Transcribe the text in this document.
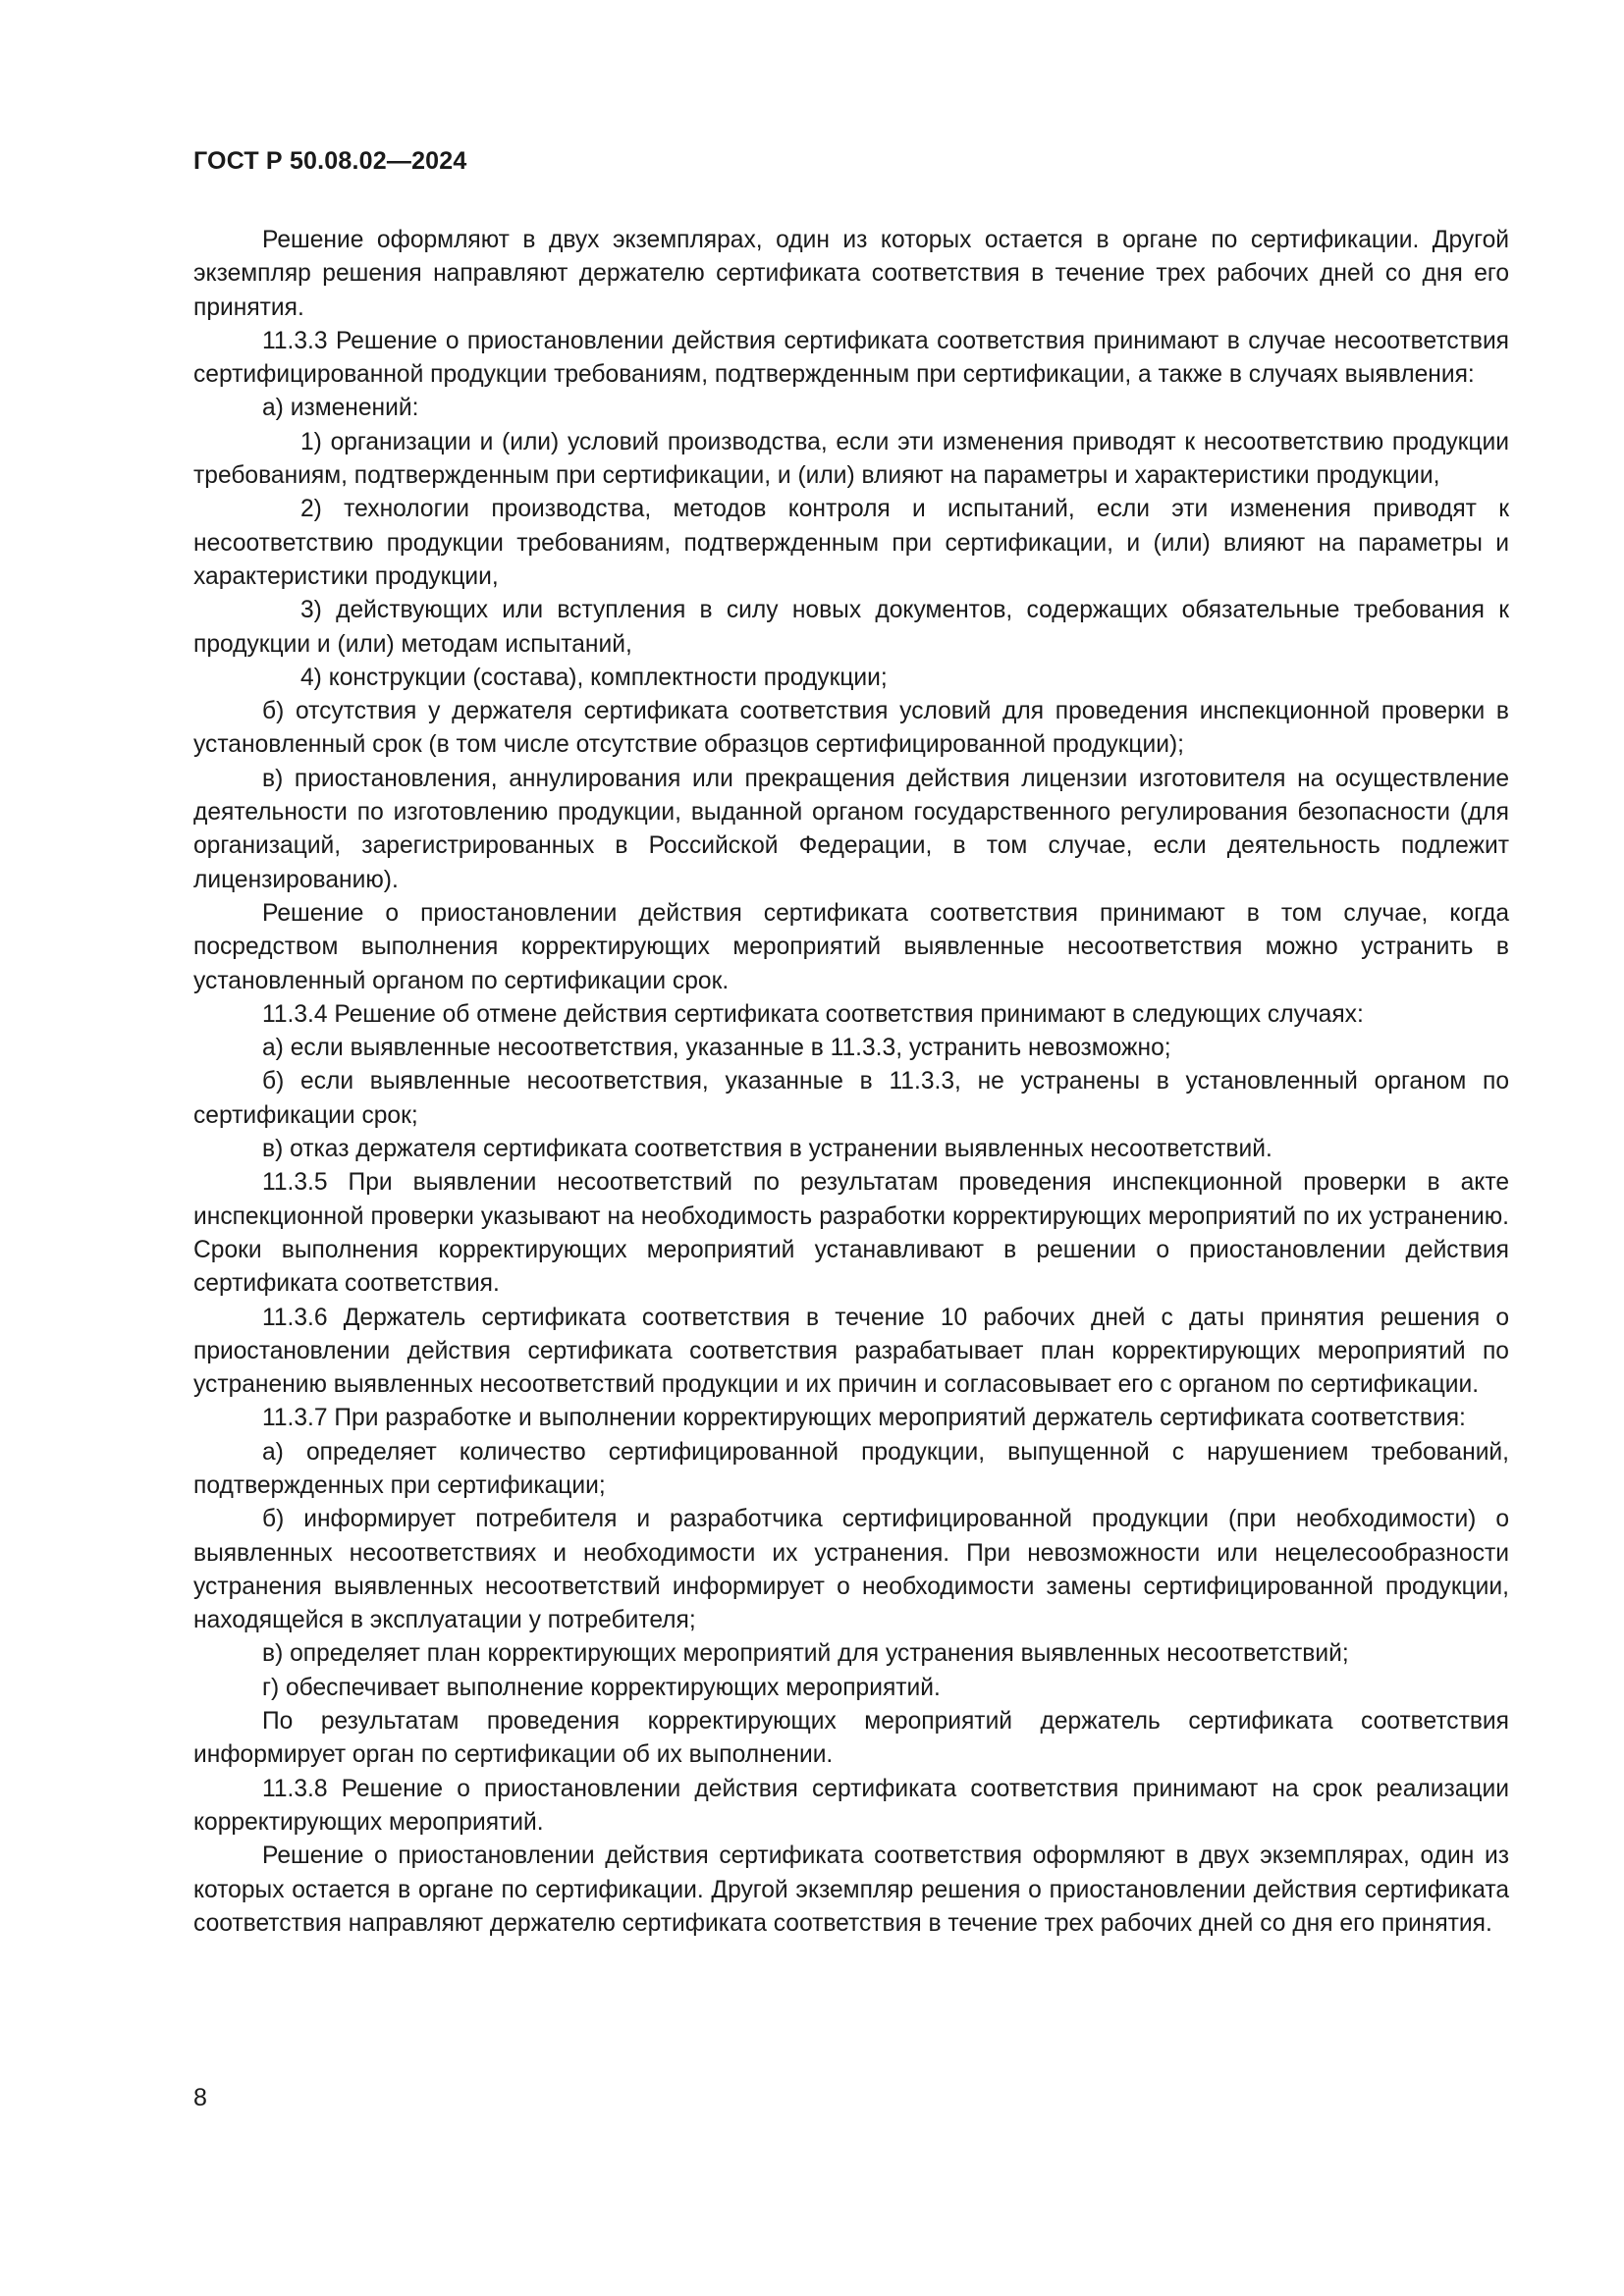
ГОСТ Р 50.08.02—2024

Решение оформляют в двух экземплярах, один из которых остается в органе по сертификации. Другой экземпляр решения направляют держателю сертификата соответствия в течение трех рабочих дней со дня его принятия.

11.3.3 Решение о приостановлении действия сертификата соответствия принимают в случае несоответствия сертифицированной продукции требованиям, подтвержденным при сертификации, а также в случаях выявления:

а) изменений:

1) организации и (или) условий производства, если эти изменения приводят к несоответствию продукции требованиям, подтвержденным при сертификации, и (или) влияют на параметры и характеристики продукции,

2) технологии производства, методов контроля и испытаний, если эти изменения приводят к несоответствию продукции требованиям, подтвержденным при сертификации, и (или) влияют на параметры и характеристики продукции,

3) действующих или вступления в силу новых документов, содержащих обязательные требования к продукции и (или) методам испытаний,

4) конструкции (состава), комплектности продукции;

б) отсутствия у держателя сертификата соответствия условий для проведения инспекционной проверки в установленный срок (в том числе отсутствие образцов сертифицированной продукции);

в) приостановления, аннулирования или прекращения действия лицензии изготовителя на осуществление деятельности по изготовлению продукции, выданной органом государственного регулирования безопасности (для организаций, зарегистрированных в Российской Федерации, в том случае, если деятельность подлежит лицензированию).

Решение о приостановлении действия сертификата соответствия принимают в том случае, когда посредством выполнения корректирующих мероприятий выявленные несоответствия можно устранить в установленный органом по сертификации срок.

11.3.4 Решение об отмене действия сертификата соответствия принимают в следующих случаях:

а) если выявленные несоответствия, указанные в 11.3.3, устранить невозможно;

б) если выявленные несоответствия, указанные в 11.3.3, не устранены в установленный органом по сертификации срок;

в) отказ держателя сертификата соответствия в устранении выявленных несоответствий.

11.3.5 При выявлении несоответствий по результатам проведения инспекционной проверки в акте инспекционной проверки указывают на необходимость разработки корректирующих мероприятий по их устранению. Сроки выполнения корректирующих мероприятий устанавливают в решении о приостановлении действия сертификата соответствия.

11.3.6 Держатель сертификата соответствия в течение 10 рабочих дней с даты принятия решения о приостановлении действия сертификата соответствия разрабатывает план корректирующих мероприятий по устранению выявленных несоответствий продукции и их причин и согласовывает его с органом по сертификации.

11.3.7 При разработке и выполнении корректирующих мероприятий держатель сертификата соответствия:

а) определяет количество сертифицированной продукции, выпущенной с нарушением требований, подтвержденных при сертификации;

б) информирует потребителя и разработчика сертифицированной продукции (при необходимости) о выявленных несоответствиях и необходимости их устранения. При невозможности или нецелесообразности устранения выявленных несоответствий информирует о необходимости замены сертифицированной продукции, находящейся в эксплуатации у потребителя;

в) определяет план корректирующих мероприятий для устранения выявленных несоответствий;

г) обеспечивает выполнение корректирующих мероприятий.

По результатам проведения корректирующих мероприятий держатель сертификата соответствия информирует орган по сертификации об их выполнении.

11.3.8 Решение о приостановлении действия сертификата соответствия принимают на срок реализации корректирующих мероприятий.

Решение о приостановлении действия сертификата соответствия оформляют в двух экземплярах, один из которых остается в органе по сертификации. Другой экземпляр решения о приостановлении действия сертификата соответствия направляют держателю сертификата соответствия в течение трех рабочих дней со дня его принятия.

8
